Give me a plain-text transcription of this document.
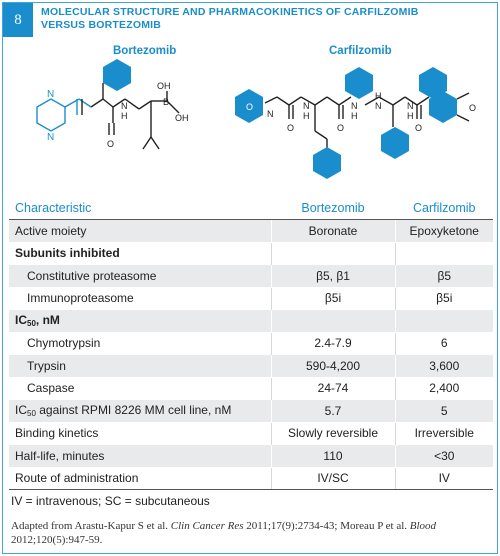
8	MOLECULAR STRUCTURE AND PHARMACOKINETICS OF CARFILZOMIB
VERSUS BORTEZOMIB
Bortezomib	Carfilzomib
N
N
N
H
O
B
OH
OH	N
O
N
H
O
N
H
N
H
N
H
O
O
O
Characteristic	Bortezomib	Carfilzomib
Active moiety	Boronate	Epoxyketone
Subunits inhibited		
Constitutive proteasome	β5, β1	β5
Immunoproteasome	β5i	β5i
$IC_{50}$, nM		
Chymotrypsin	2.4-7.9	6
Trypsin	590-4,200	3,600
Caspase	24-74	2,400
$IC_{50}$ against RPMI 8226 MM cell line, nM	5.7	5
Binding kinetics	Slowly reversible	Irreversible
Half-life, minutes	110	<30
Route of administration	IV/SC	IV
IV = intravenous; SC = subcutaneous
Adapted from Arastu-Kapur S et al. Clin Cancer Res 2011;17(9):2734-43; Moreau P et al. Blood 2012;120(5):947-59.
